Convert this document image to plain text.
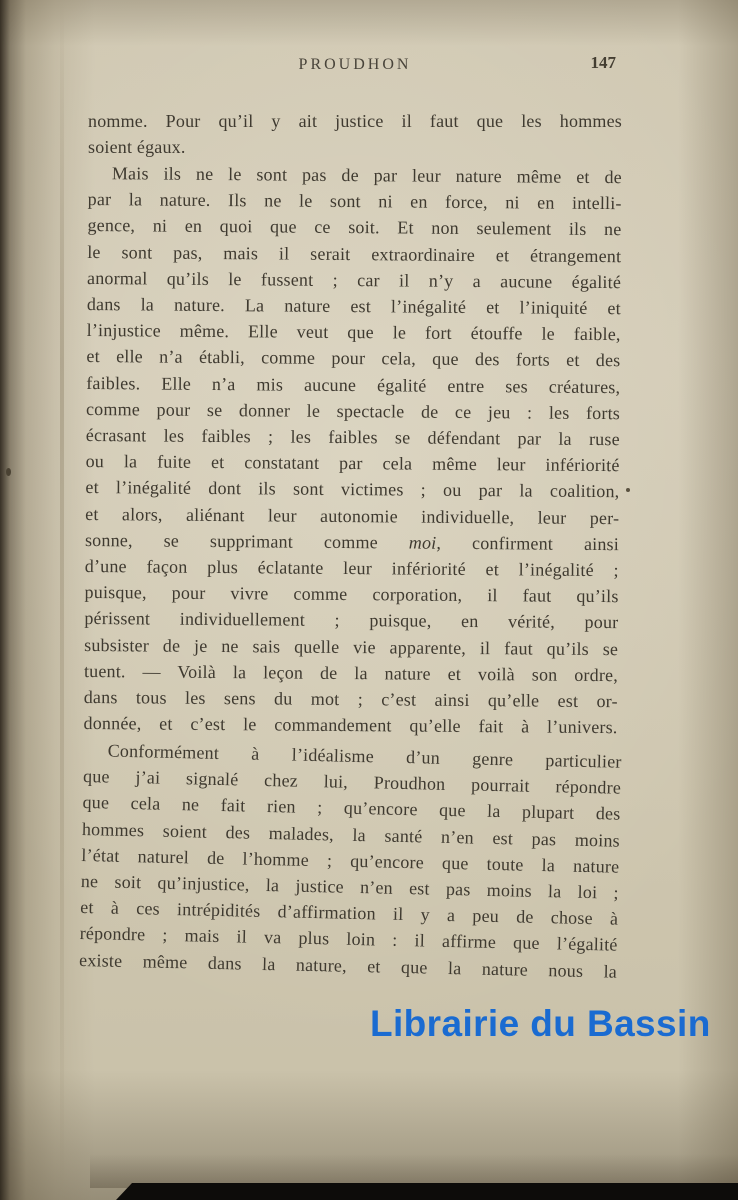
PROUDHON	147
nomme. Pour qu’il y ait justice il faut que les hommes
soient égaux.
Mais ils ne le sont pas de par leur nature même et de
par la nature. Ils ne le sont ni en force, ni en intelli-
gence, ni en quoi que ce soit. Et non seulement ils ne
le sont pas, mais il serait extraordinaire et étrangement
anormal qu’ils le fussent ; car il n’y a aucune égalité
dans la nature. La nature est l’inégalité et l’iniquité et
l’injustice même. Elle veut que le fort étouffe le faible,
et elle n’a établi, comme pour cela, que des forts et des
faibles. Elle n’a mis aucune égalité entre ses créatures,
comme pour se donner le spectacle de ce jeu : les forts
écrasant les faibles ; les faibles se défendant par la ruse
ou la fuite et constatant par cela même leur infériorité
et l’inégalité dont ils sont victimes ; ou par la coalition,
et alors, aliénant leur autonomie individuelle, leur per-
sonne, se supprimant comme moi, confirment ainsi
d’une façon plus éclatante leur infériorité et l’inégalité ;
puisque, pour vivre comme corporation, il faut qu’ils
périssent individuellement ; puisque, en vérité, pour
subsister de je ne sais quelle vie apparente, il faut qu’ils se
tuent. — Voilà la leçon de la nature et voilà son ordre,
dans tous les sens du mot ; c’est ainsi qu’elle est or-
donnée, et c’est le commandement qu’elle fait à l’univers.
Conformément à l’idéalisme d’un genre particulier
que j’ai signalé chez lui, Proudhon pourrait répondre
que cela ne fait rien ; qu’encore que la plupart des
hommes soient des malades, la santé n’en est pas moins
l’état naturel de l’homme ; qu’encore que toute la nature
ne soit qu’injustice, la justice n’en est pas moins la loi ;
et à ces intrépidités d’affirmation il y a peu de chose à
répondre ; mais il va plus loin : il affirme que l’égalité
existe même dans la nature, et que la nature nous la
Librairie du Bassin
